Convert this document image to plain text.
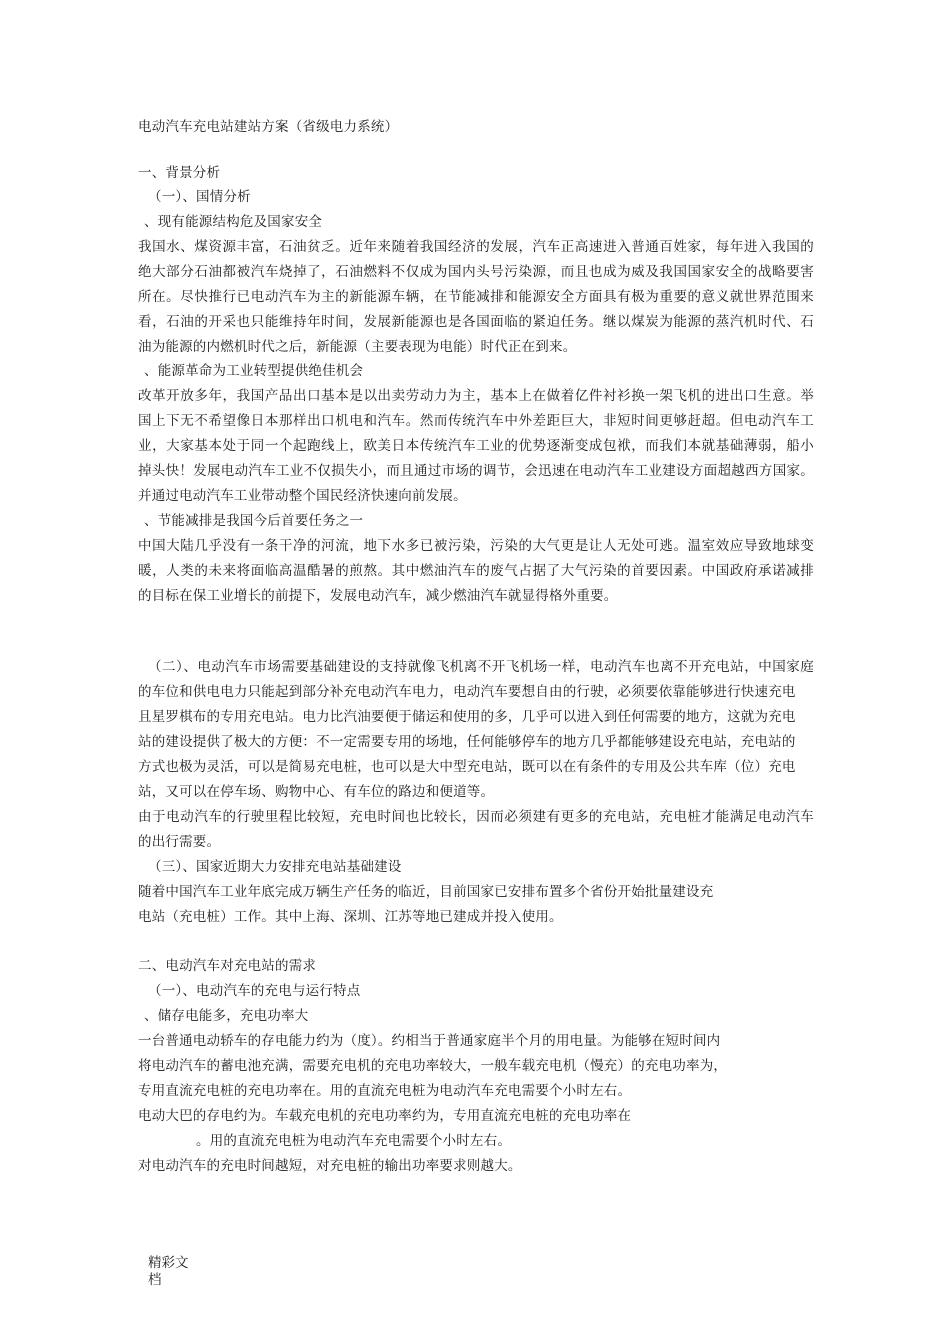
电动汽车充电站建站方案（省级电力系统）
一、背景分析
（一）、国情分析
、现有能源结构危及国家安全
我国水、煤资源丰富，石油贫乏。近年来随着我国经济的发展，汽车正高速进入普通百姓家，每年进入我国的
绝大部分石油都被汽车烧掉了，石油燃料不仅成为国内头号污染源，而且也成为威及我国国家安全的战略要害
所在。尽快推行已电动汽车为主的新能源车辆，在节能减排和能源安全方面具有极为重要的意义就世界范围来
看，石油的开采也只能维持年时间，发展新能源也是各国面临的紧迫任务。继以煤炭为能源的蒸汽机时代、石
油为能源的内燃机时代之后，新能源（主要表现为电能）时代正在到来。
、能源革命为工业转型提供绝佳机会
改革开放多年，我国产品出口基本是以出卖劳动力为主，基本上在做着亿件衬衫换一架飞机的进出口生意。举
国上下无不希望像日本那样出口机电和汽车。然而传统汽车中外差距巨大，非短时间更够赶超。但电动汽车工
业，大家基本处于同一个起跑线上，欧美日本传统汽车工业的优势逐渐变成包袱，而我们本就基础薄弱，船小
掉头快！发展电动汽车工业不仅损失小，而且通过市场的调节，会迅速在电动汽车工业建设方面超越西方国家。
并通过电动汽车工业带动整个国民经济快速向前发展。
、节能减排是我国今后首要任务之一
中国大陆几乎没有一条干净的河流，地下水多已被污染，污染的大气更是让人无处可逃。温室效应导致地球变
暖，人类的未来将面临高温酷暑的煎熬。其中燃油汽车的废气占据了大气污染的首要因素。中国政府承诺减排
的目标在保工业增长的前提下，发展电动汽车，减少燃油汽车就显得格外重要。
（二）、电动汽车市场需要基础建设的支持就像飞机离不开飞机场一样，电动汽车也离不开充电站，中国家庭
的车位和供电电力只能起到部分补充电动汽车电力，电动汽车要想自由的行驶，必须要依靠能够进行快速充电
且星罗棋布的专用充电站。电力比汽油要便于储运和使用的多，几乎可以进入到任何需要的地方，这就为充电
站的建设提供了极大的方便：不一定需要专用的场地，任何能够停车的地方几乎都能够建设充电站，充电站的
方式也极为灵活，可以是简易充电桩，也可以是大中型充电站，既可以在有条件的专用及公共车库（位）充电
站，又可以在停车场、购物中心、有车位的路边和便道等。
由于电动汽车的行驶里程比较短，充电时间也比较长，因而必须建有更多的充电站，充电桩才能满足电动汽车
的出行需要。
（三）、国家近期大力安排充电站基础建设
随着中国汽车工业年底完成万辆生产任务的临近，目前国家已安排布置多个省份开始批量建设充
电站（充电桩）工作。其中上海、深圳、江苏等地已建成并投入使用。
二、电动汽车对充电站的需求
（一）、电动汽车的充电与运行特点
、储存电能多，充电功率大
一台普通电动轿车的存电能力约为（度）。约相当于普通家庭半个月的用电量。为能够在短时间内
将电动汽车的蓄电池充满，需要充电机的充电功率较大，一般车载充电机（慢充）的充电功率为，
专用直流充电桩的充电功率在。用的直流充电桩为电动汽车充电需要个小时左右。
电动大巴的存电约为。车载充电机的充电功率约为，专用直流充电桩的充电功率在
。用的直流充电桩为电动汽车充电需要个小时左右。
对电动汽车的充电时间越短，对充电桩的输出功率要求则越大。
精彩文档
